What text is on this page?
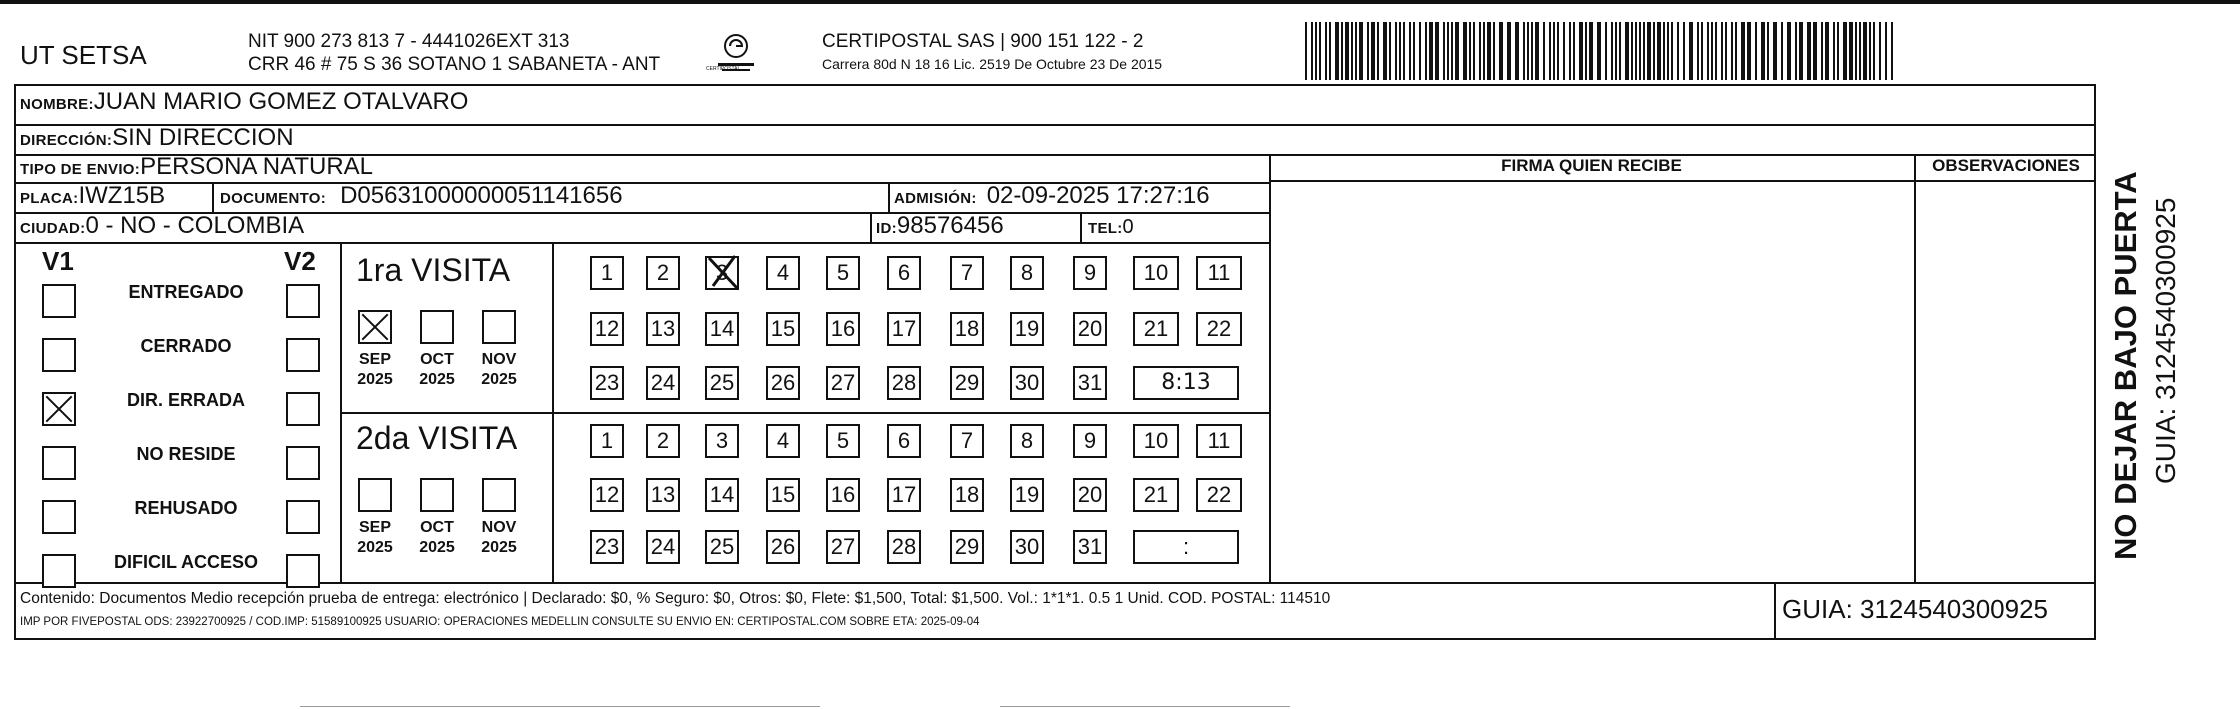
UT SETSA	NIT 900 273 813 7 - 4441026EXT 313
CRR 46 # 75 S 36 SOTANO 1 SABANETA - ANT	CERTIPOSTAL
CERTIPOSTAL SAS | 900 151 122 - 2
Carrera 80d N 18 16 Lic. 2519 De Octubre 23 De 2015
NOMBRE:JUAN MARIO GOMEZ OTALVARO
DIRECCIÓN:SIN DIRECCION
TIPO DE ENVIO:PERSONA NATURAL
PLACA:IWZ15B	DOCUMENTO: D05631000000051141656	ADMISIÓN: 02-09-2025 17:27:16
CIUDAD:0 - NO - COLOMBIA	ID:98576456	TEL:0
FIRMA QUIEN RECIBE	OBSERVACIONES
V1	V2
ENTREGADO
CERRADO
DIR. ERRADA
NO RESIDE
REHUSADO
DIFICIL ACCESO
1ra VISITA
2da VISITA
SEP
2025
OCT
2025
NOV
2025
SEP
2025
OCT
2025
NOV
2025
1	2	3	4	5	6	7	8	9	10	11
12 13 14 15 16 17 18 19 20	21	22
23 24 25 26 27 28 29 30 31
1	2	3	4	5	6	7	8	9	10	11
12 13 14 15 16 17 18 19 20	21	22
23 24 25 26 27 28 29 30 31
8:13
:
Contenido: Documentos Medio recepción prueba de entrega: electrónico | Declarado: $0, % Seguro: $0, Otros: $0, Flete: $1,500, Total: $1,500. Vol.: 1*1*1. 0.5 1 Unid. COD. POSTAL: 114510
IMP POR FIVEPOSTAL ODS: 23922700925 / COD.IMP: 51589100925 USUARIO: OPERACIONES MEDELLIN CONSULTE SU ENVIO EN: CERTIPOSTAL.COM SOBRE ETA: 2025-09-04	GUIA: 3124540300925
NO DEJAR BAJO PUERTA GUIA: 3124540300925
